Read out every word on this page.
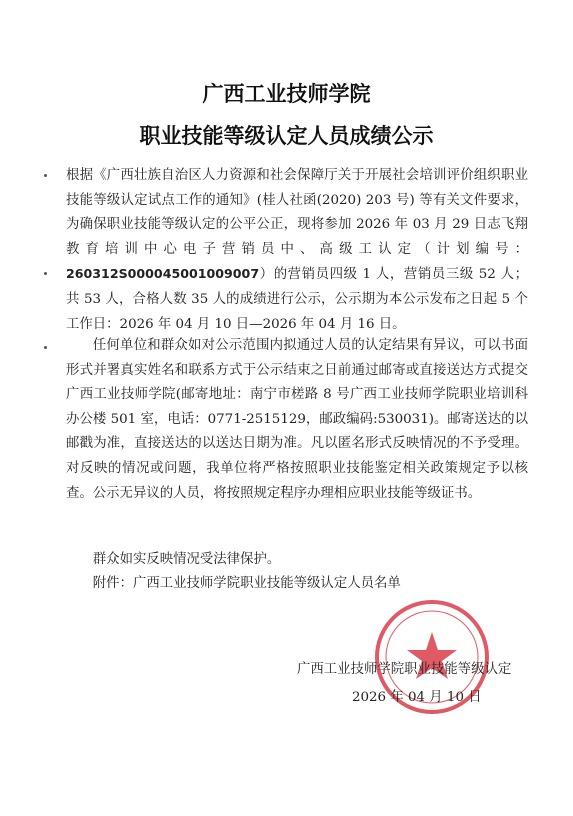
广西工业技师学院
职业技能等级认定人员成绩公示

根据《广西壮族自治区人力资源和社会保障厅关于开展社会培训评价组织职业技能等级认定试点工作的通知》(桂人社函(2020) 203 号) 等有关文件要求，为确保职业技能等级认定的公平公正，现将参加 2026 年 03 月 29 日志飞翔教育培训中心电子营销员中、高级工认定（计划编号：260312S000045001009007）的营销员四级 1 人，营销员三级 52 人；共 53 人，合格人数 35 人的成绩进行公示，公示期为本公示发布之日起 5 个工作日：2026 年 04 月 10 日—2026 年 04 月 16 日。

任何单位和群众如对公示范围内拟通过人员的认定结果有异议，可以书面形式并署真实姓名和联系方式于公示结束之日前通过邮寄或直接送达方式提交广西工业技师学院(邮寄地址：南宁市槎路 8 号广西工业技师学院职业培训科办公楼 501 室，电话：0771-2515129，邮政编码:530031)。邮寄送达的以邮戳为准，直接送达的以送达日期为准。凡以匿名形式反映情况的不予受理。对反映的情况或问题，我单位将严格按照职业技能鉴定相关政策规定予以核查。公示无异议的人员，将按照规定程序办理相应职业技能等级证书。

群众如实反映情况受法律保护。

附件：广西工业技师学院职业技能等级认定人员名单

广西工业技师学院职业技能等级认定

2026 年 04 月 10 日
